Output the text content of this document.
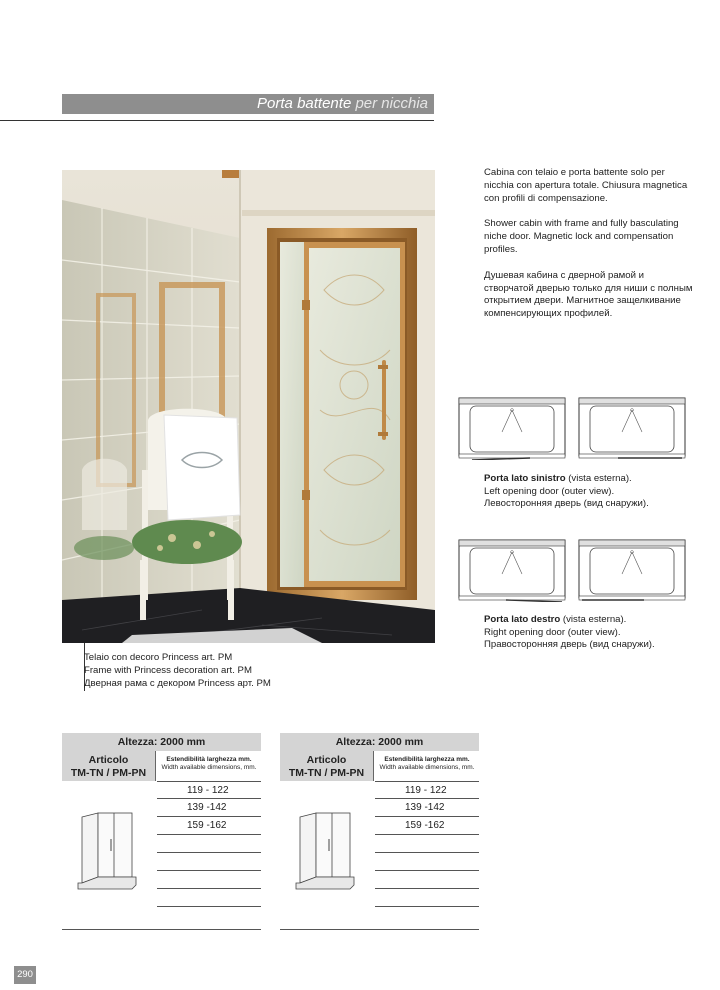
Porta battente per nicchia

Cabina con telaio e porta battente solo per nicchia con apertura totale. Chiusura magnetica con profili di compensazione.

Shower cabin with frame and fully basculating niche door. Magnetic lock and compensation profiles.

Душевая кабина с дверной рамой и створчатой дверью только для ниши с полным открытием двери. Магнитное защелкивание компенсирующих профилей.

Porta lato sinistro (vista esterna).
Left opening door (outer view).
Левосторонняя дверь (вид снаружи).
Porta lato destro (vista esterna).
Right opening door (outer view).
Правосторонняя дверь (вид снаружи).
Telaio con decoro Princess art. PM
Frame with Princess decoration art. PM
Дверная рама с декором Princess арт. PM
Altezza: 2000 mm
Articolo
TM-TN / PM-PN
Estendibilità larghezza mm.
Width available dimensions, mm.
119 - 122
139 -142
159 -162
Altezza: 2000 mm
Articolo
TM-TN / PM-PN
Estendibilità larghezza mm.
Width available dimensions, mm.
119 - 122
139 -142
159 -162
290
